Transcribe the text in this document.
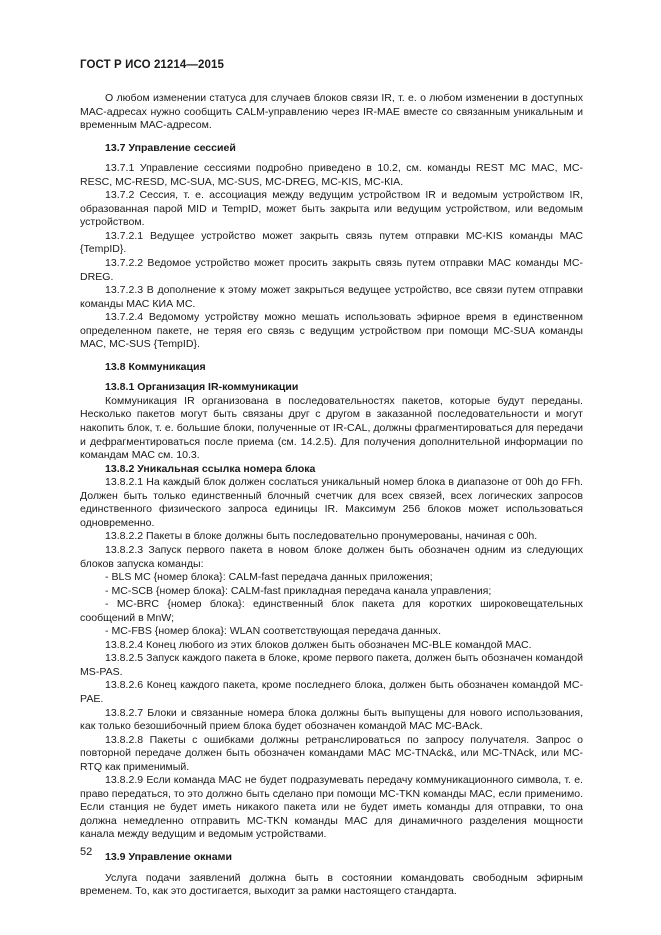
ГОСТ Р ИСО 21214—2015

О любом изменении статуса для случаев блоков связи IR, т. е. о любом изменении в доступных МАС-адресах нужно сообщить CALM-управлению через IR-МАЕ вместе со связанным уникальным и временным МАС-адресом.

13.7 Управление сессией

13.7.1 Управление сессиями подробно приведено в 10.2, см. команды REST МС МАС, MC-RESC, MC-RESD, MC-SUA, MC-SUS, MC-DREG, MC-KIS, МС-КIА.

13.7.2 Сессия, т. е. ассоциация между ведущим устройством IR и ведомым устройством IR, образованная парой MID и TempID, может быть закрыта или ведущим устройством, или ведомым устройством.

13.7.2.1 Ведущее устройство может закрыть связь путем отправки MC-KIS команды МАС {TempID}.

13.7.2.2 Ведомое устройство может просить закрыть связь путем отправки МАС команды MC-DREG.

13.7.2.3 В дополнение к этому может закрыться ведущее устройство, все связи путем отправки команды МАС КИА МС.

13.7.2.4 Ведомому устройству можно мешать использовать эфирное время в единственном определенном пакете, не теряя его связь с ведущим устройством при помощи MC-SUA команды МАС, MC-SUS {TempID}.

13.8 Коммуникация

13.8.1 Организация IR-коммуникации

Коммуникация IR организована в последовательностях пакетов, которые будут переданы. Несколько пакетов могут быть связаны друг с другом в заказанной последовательности и могут накопить блок, т. е. большие блоки, полученные от IR-CAL, должны фрагментироваться для передачи и дефрагментироваться после приема (см. 14.2.5). Для получения дополнительной информации по командам МАС см. 10.3.

13.8.2 Уникальная ссылка номера блока

13.8.2.1 На каждый блок должен сослаться уникальный номер блока в диапазоне от 00h до FFh. Должен быть только единственный блочный счетчик для всех связей, всех логических запросов единственного физического запроса единицы IR. Максимум 256 блоков может использоваться одновременно.

13.8.2.2 Пакеты в блоке должны быть последовательно пронумерованы, начиная с 00h.

13.8.2.3 Запуск первого пакета в новом блоке должен быть обозначен одним из следующих блоков запуска команды:

- BLS МС {номер блока}: CALM-fast передача данных приложения;

- MC-SCB {номер блока}: CALM-fast прикладная передача канала управления;

- MC-BRC {номер блока}: единственный блок пакета для коротких широковещательных сообщений в MnW;

- MC-FBS {номер блока}: WLAN соответствующая передача данных.

13.8.2.4 Конец любого из этих блоков должен быть обозначен MC-BLE командой МАС.

13.8.2.5 Запуск каждого пакета в блоке, кроме первого пакета, должен быть обозначен командой MS-PAS.

13.8.2.6 Конец каждого пакета, кроме последнего блока, должен быть обозначен командой МС-РАЕ.

13.8.2.7 Блоки и связанные номера блока должны быть выпущены для нового использования, как только безошибочный прием блока будет обозначен командой МАС MC-BAck.

13.8.2.8 Пакеты с ошибками должны ретранслироваться по запросу получателя. Запрос о повторной передаче должен быть обозначен командами МАС MC-TNAck&, или MC-TNAck, или MC-RTQ как применимый.

13.8.2.9 Если команда МАС не будет подразумевать передачу коммуникационного символа, т. е. право передаться, то это должно быть сделано при помощи MC-TKN команды МАС, если применимо. Если станция не будет иметь никакого пакета или не будет иметь команды для отправки, то она должна немедленно отправить MC-TKN команды МАС для динамичного разделения мощности канала между ведущим и ведомым устройствами.

13.9 Управление окнами

Услуга подачи заявлений должна быть в состоянии командовать свободным эфирным временем. То, как это достигается, выходит за рамки настоящего стандарта.

52
